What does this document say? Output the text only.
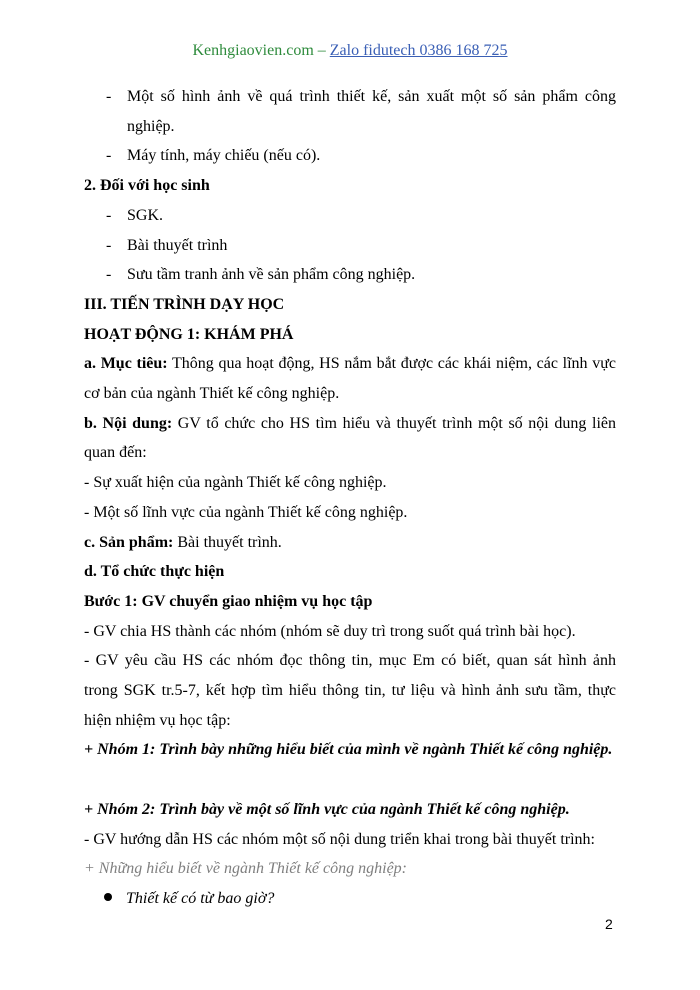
Kenhgiaovien.com – Zalo fidutech 0386 168 725
- Một số hình ảnh về quá trình thiết kế, sản xuất một số sản phẩm công
nghiệp.
- Máy tính, máy chiếu (nếu có).
2. Đối với học sinh
- SGK.
- Bài thuyết trình
- Sưu tầm tranh ảnh về sản phẩm công nghiệp.
III. TIẾN TRÌNH DẠY HỌC
HOẠT ĐỘNG 1: KHÁM PHÁ
a. Mục tiêu: Thông qua hoạt động, HS nắm bắt được các khái niệm, các lĩnh vực
cơ bản của ngành Thiết kế công nghiệp.
b. Nội dung: GV tổ chức cho HS tìm hiểu và thuyết trình một số nội dung liên
quan đến:
- Sự xuất hiện của ngành Thiết kế công nghiệp.
- Một số lĩnh vực của ngành Thiết kế công nghiệp.
c. Sản phẩm: Bài thuyết trình.
d. Tổ chức thực hiện
Bước 1: GV chuyển giao nhiệm vụ học tập
- GV chia HS thành các nhóm (nhóm sẽ duy trì trong suốt quá trình bài học).
- GV yêu cầu HS các nhóm đọc thông tin, mục Em có biết, quan sát hình ảnh
trong SGK tr.5-7, kết hợp tìm hiểu thông tin, tư liệu và hình ảnh sưu tầm, thực
hiện nhiệm vụ học tập:
+ Nhóm 1: Trình bày những hiểu biết của mình về ngành Thiết kế công nghiệp.
+ Nhóm 2: Trình bày về một số lĩnh vực của ngành Thiết kế công nghiệp.
- GV hướng dẫn HS các nhóm một số nội dung triển khai trong bài thuyết trình:
+ Những hiểu biết về ngành Thiết kế công nghiệp:
Thiết kế có từ bao giờ?
2
